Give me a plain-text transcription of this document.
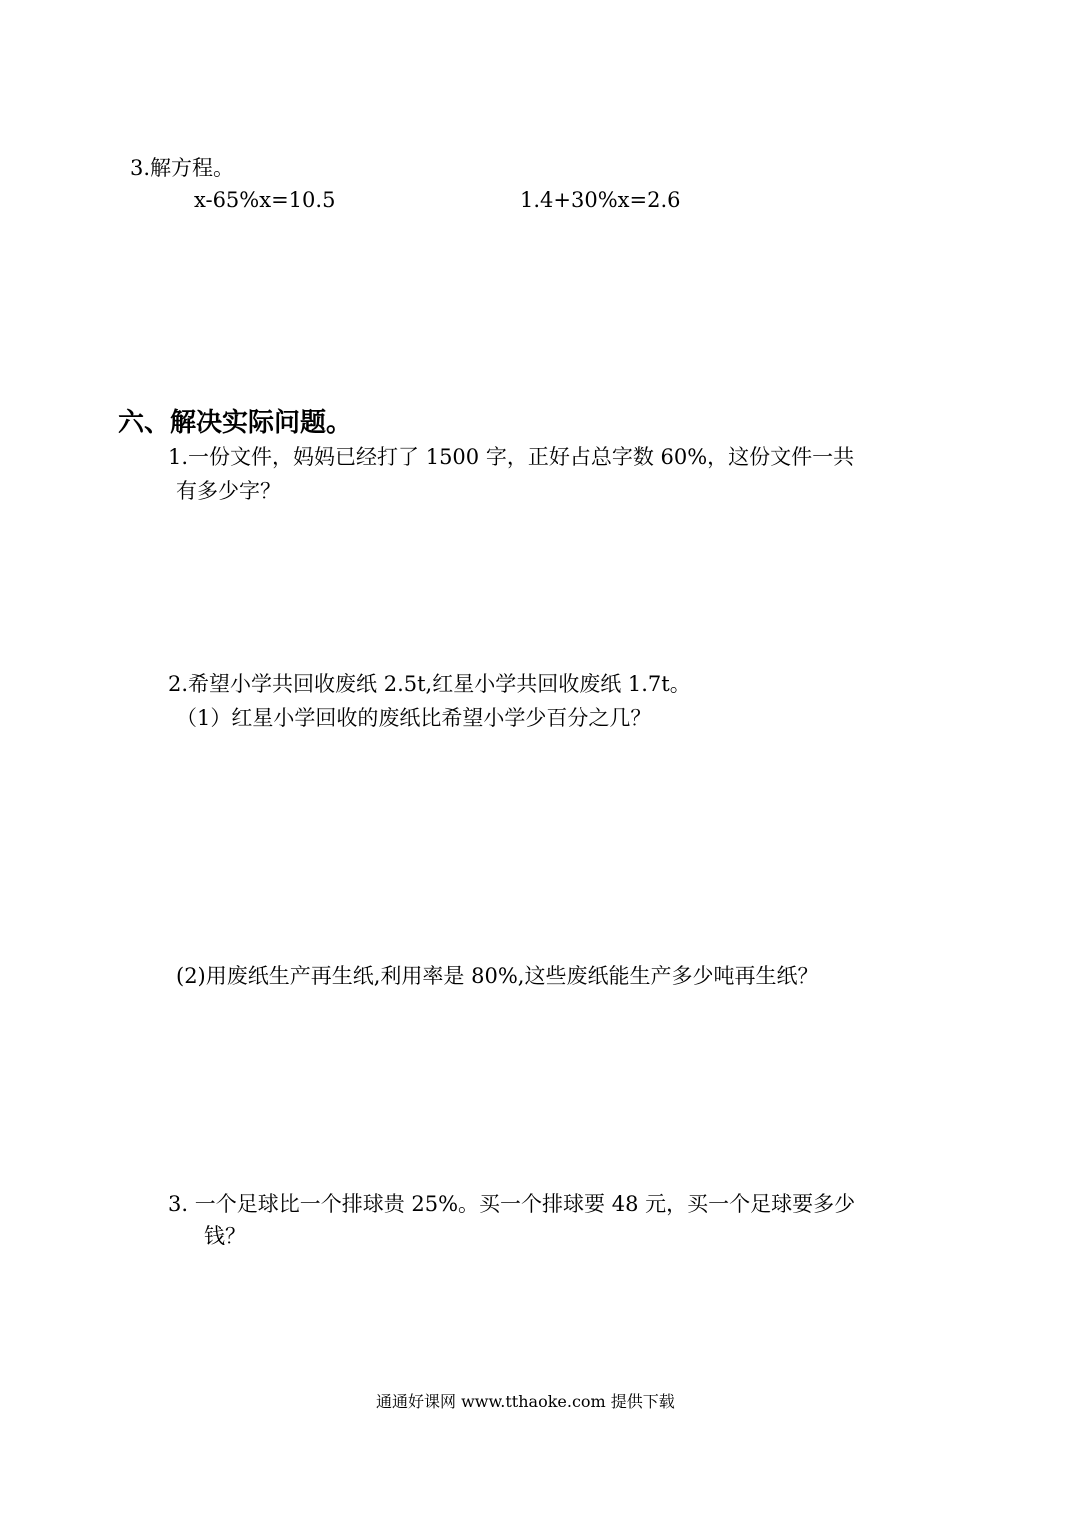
3.解方程。
x-65%x=10.5	1.4+30%x=2.6
六、解决实际问题。
1.一份文件，妈妈已经打了 1500 字，正好占总字数 60%，这份文件一共
有多少字？
2.希望小学共回收废纸 2.5t,红星小学共回收废纸 1.7t。
（1）红星小学回收的废纸比希望小学少百分之几？
(2)用废纸生产再生纸,利用率是 80%,这些废纸能生产多少吨再生纸？
3. 一个足球比一个排球贵 25%。买一个排球要 48 元，买一个足球要多少
钱？
通通好课网 www.tthaoke.com 提供下载
